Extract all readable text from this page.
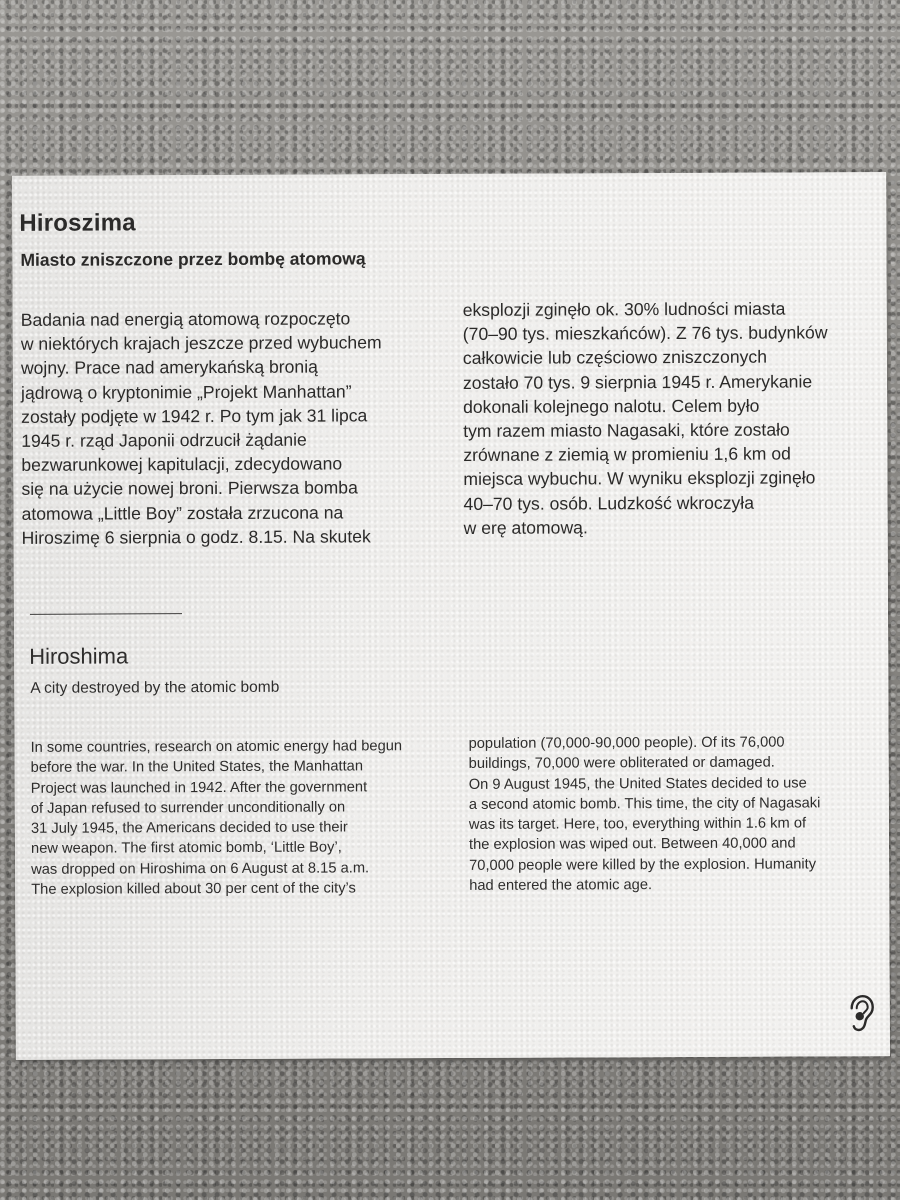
Hiroszima
Miasto zniszczone przez bombę atomową

Badania nad energią atomową rozpoczęto
w niektórych krajach jeszcze przed wybuchem
wojny. Prace nad amerykańską bronią
jądrową o kryptonimie „Projekt Manhattan”
zostały podjęte w 1942 r. Po tym jak 31 lipca
1945 r. rząd Japonii odrzucił żądanie
bezwarunkowej kapitulacji, zdecydowano
się na użycie nowej broni. Pierwsza bomba
atomowa „Little Boy” została zrzucona na
Hiroszimę 6 sierpnia o godz. 8.15. Na skutek

eksplozji zginęło ok. 30% ludności miasta
(70–90 tys. mieszkańców). Z 76 tys. budynków
całkowicie lub częściowo zniszczonych
zostało 70 tys. 9 sierpnia 1945 r. Amerykanie
dokonali kolejnego nalotu. Celem było
tym razem miasto Nagasaki, które zostało
zrównane z ziemią w promieniu 1,6 km od
miejsca wybuchu. W wyniku eksplozji zginęło
40–70 tys. osób. Ludzkość wkroczyła
w erę atomową.

Hiroshima

A city destroyed by the atomic bomb

In some countries, research on atomic energy had begun
before the war. In the United States, the Manhattan
Project was launched in 1942. After the government
of Japan refused to surrender unconditionally on
31 July 1945, the Americans decided to use their
new weapon. The first atomic bomb, ‘Little Boy’,
was dropped on Hiroshima on 6 August at 8.15 a.m.
The explosion killed about 30 per cent of the city’s

population (70,000-90,000 people). Of its 76,000
buildings, 70,000 were obliterated or damaged.
On 9 August 1945, the United States decided to use
a second atomic bomb. This time, the city of Nagasaki
was its target. Here, too, everything within 1.6 km of
the explosion was wiped out. Between 40,000 and
70,000 people were killed by the explosion. Humanity
had entered the atomic age.
